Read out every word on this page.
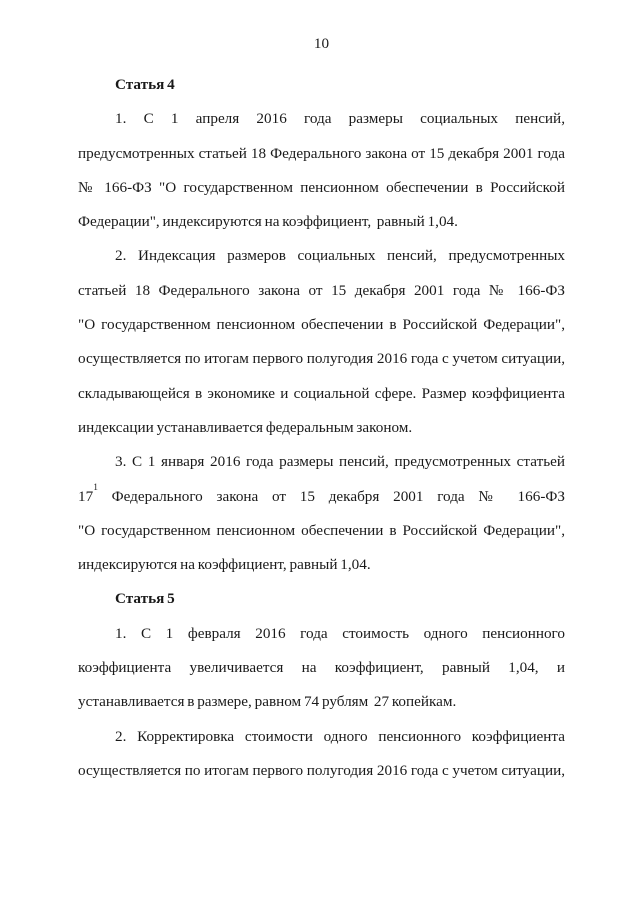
10
Статья 4
1. С 1 апреля 2016 года размеры социальных пенсий,
предусмотренных статьей 18 Федерального закона от 15 декабря 2001 года
№ 166-ФЗ "О государственном пенсионном обеспечении в Российской
Федерации", индексируются на коэффициент,  равный 1,04.
2. Индексация размеров социальных пенсий, предусмотренных
статьей 18 Федерального закона от 15 декабря 2001 года № 166-ФЗ
"О государственном пенсионном обеспечении в Российской Федерации",
осуществляется по итогам первого полугодия 2016 года с учетом ситуации,
складывающейся в экономике и социальной сфере. Размер коэффициента
индексации устанавливается федеральным законом.
3. С 1 января 2016 года размеры пенсий, предусмотренных статьей
$17^1$ Федерального закона от 15 декабря 2001 года № 166-ФЗ
"О государственном пенсионном обеспечении в Российской Федерации",
индексируются на коэффициент, равный 1,04.
Статья 5
1. С 1 февраля 2016 года стоимость одного пенсионного
коэффициента увеличивается на коэффициент, равный 1,04, и
устанавливается в размере, равном 74 рублям  27 копейкам.
2. Корректировка стоимости одного пенсионного коэффициента
осуществляется по итогам первого полугодия 2016 года с учетом ситуации,
